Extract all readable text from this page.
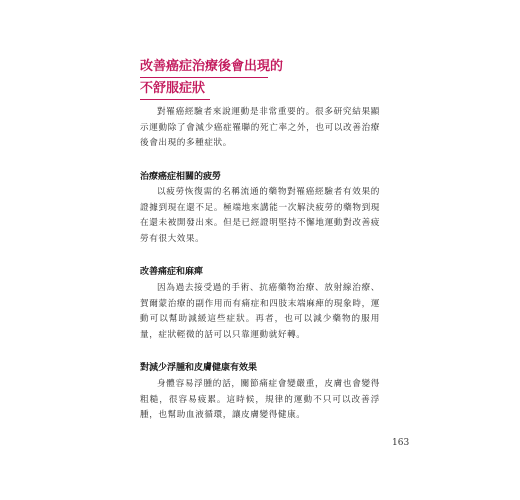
改善癌症治療後會出現的
不舒服症狀

對罹癌經驗者來說運動是非常重要的。很多研究結果顯示運動除了會減少癌症罹聯的死亡率之外，也可以改善治療後會出現的多種症狀。

治療癌症相關的疲勞

以疲勞恢復需的名稱流通的藥物對罹癌經驗者有效果的證據到現在還不足。極端地來講能一次解決疲勞的藥物到現在還未被開發出來。但是已經證明堅持不懈地運動對改善疲勞有很大效果。

改善痛症和麻痺

因為過去接受過的手術、抗癌藥物治療、放射線治療、賀爾蒙治療的副作用而有痛症和四肢末端麻痺的現象時，運動可以幫助減緩這些症狀。再者，也可以減少藥物的服用量，症狀輕微的話可以只靠運動就好轉。

對減少浮腫和皮膚健康有效果

身體容易浮腫的話，關節痛症會變嚴重，皮膚也會變得粗糙，很容易疲累。這時候，規律的運動不只可以改善浮腫，也幫助血液循環，讓皮膚變得健康。

163
